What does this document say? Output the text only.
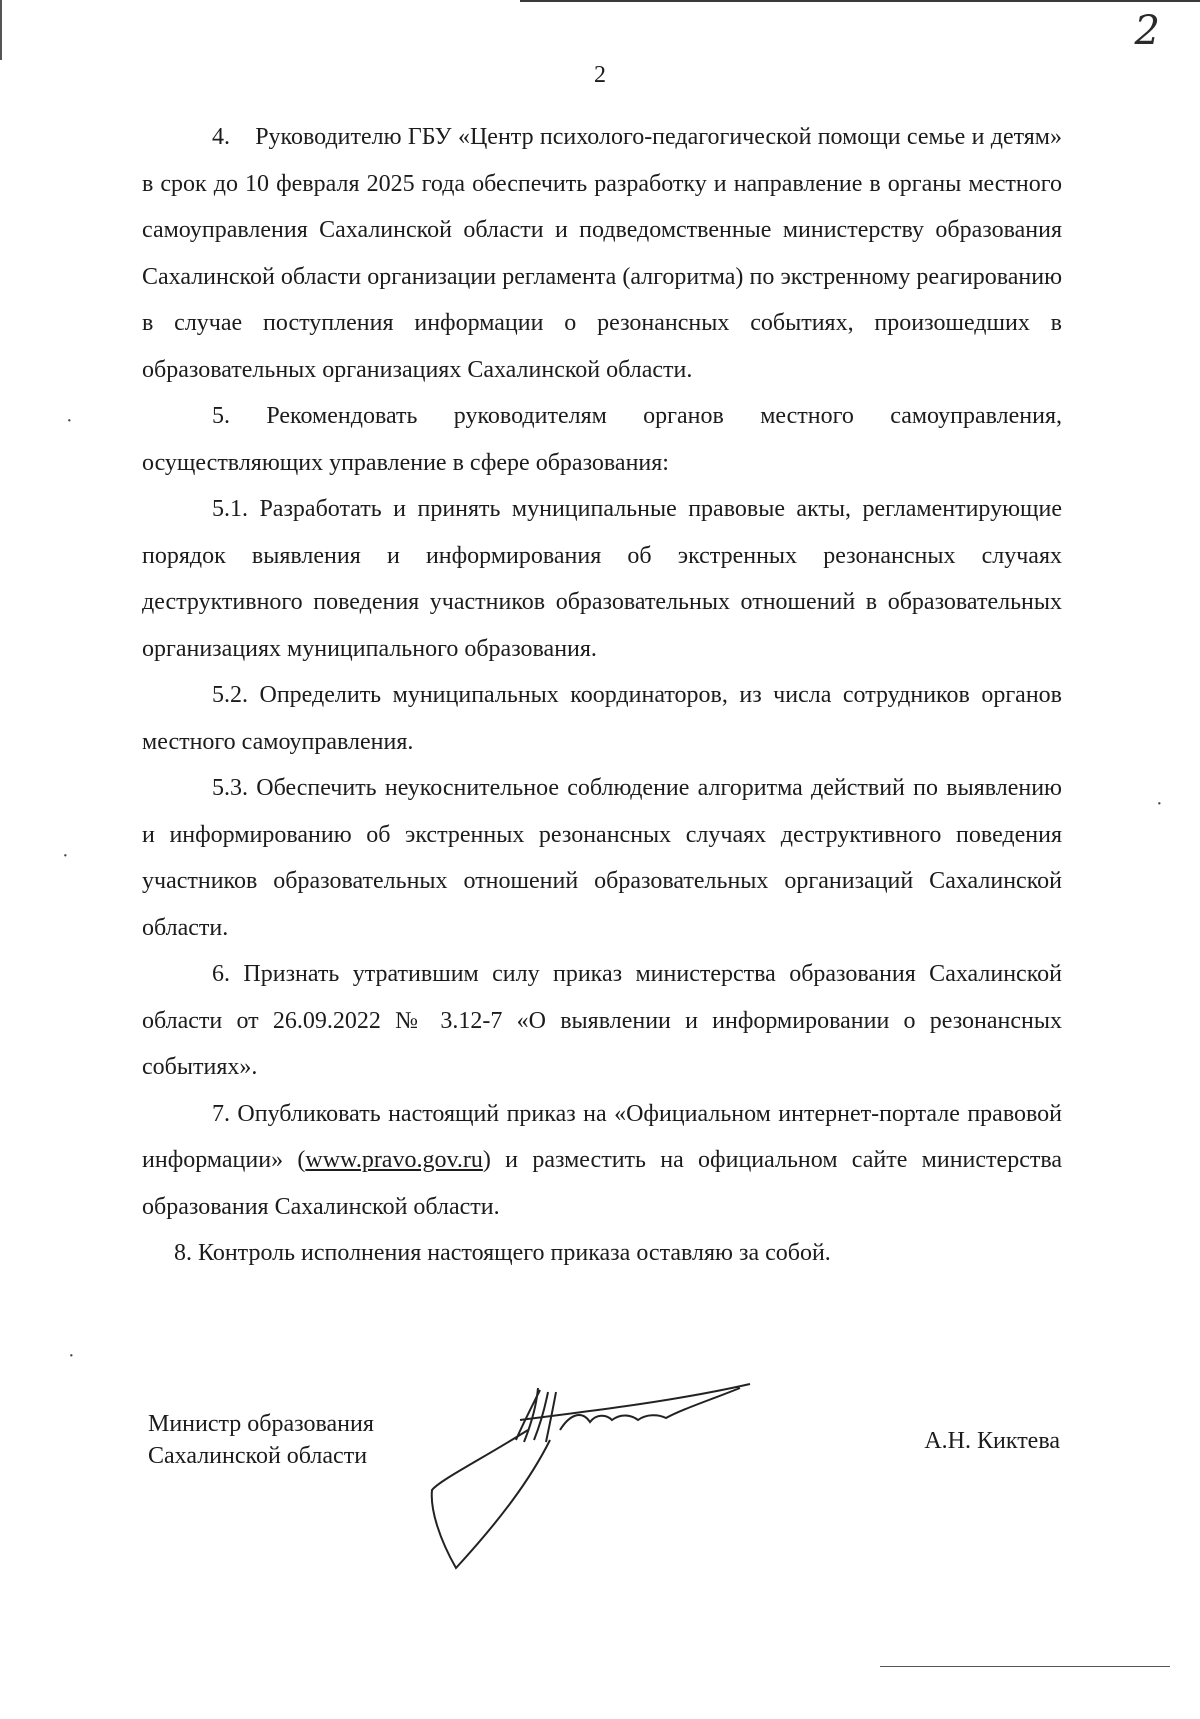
2
2

4.    Руководителю ГБУ «Центр психолого-педагогической помощи семье и детям» в срок до 10 февраля 2025 года обеспечить разработку и направление в органы местного самоуправления Сахалинской области и подведомственные министерству образования Сахалинской области организации регламента (алгоритма) по экстренному реагированию в случае поступления информации о резонансных событиях, произошедших в образовательных организациях Сахалинской области.

5. Рекомендовать руководителям органов местного самоуправления, осуществляющих управление в сфере образования:

5.1. Разработать и принять муниципальные правовые акты, регламентирующие порядок выявления и информирования об экстренных резонансных случаях деструктивного поведения участников образовательных отношений в образовательных организациях муниципального образования.

5.2. Определить муниципальных координаторов, из числа сотрудников органов местного самоуправления.

5.3. Обеспечить неукоснительное соблюдение алгоритма действий по выявлению и информированию об экстренных резонансных случаях деструктивного поведения участников образовательных отношений образовательных организаций Сахалинской области.

6. Признать утратившим силу приказ министерства образования Сахалинской области от 26.09.2022 № 3.12-7 «О выявлении и информировании о резонансных событиях».

7. Опубликовать настоящий приказ на «Официальном интернет-портале правовой информации» (www.pravo.gov.ru) и разместить на официальном сайте министерства образования Сахалинской области.

8. Контроль исполнения настоящего приказа оставляю за собой.

Министр образования
Сахалинской области
А.Н. Киктева
·
·
·
·
